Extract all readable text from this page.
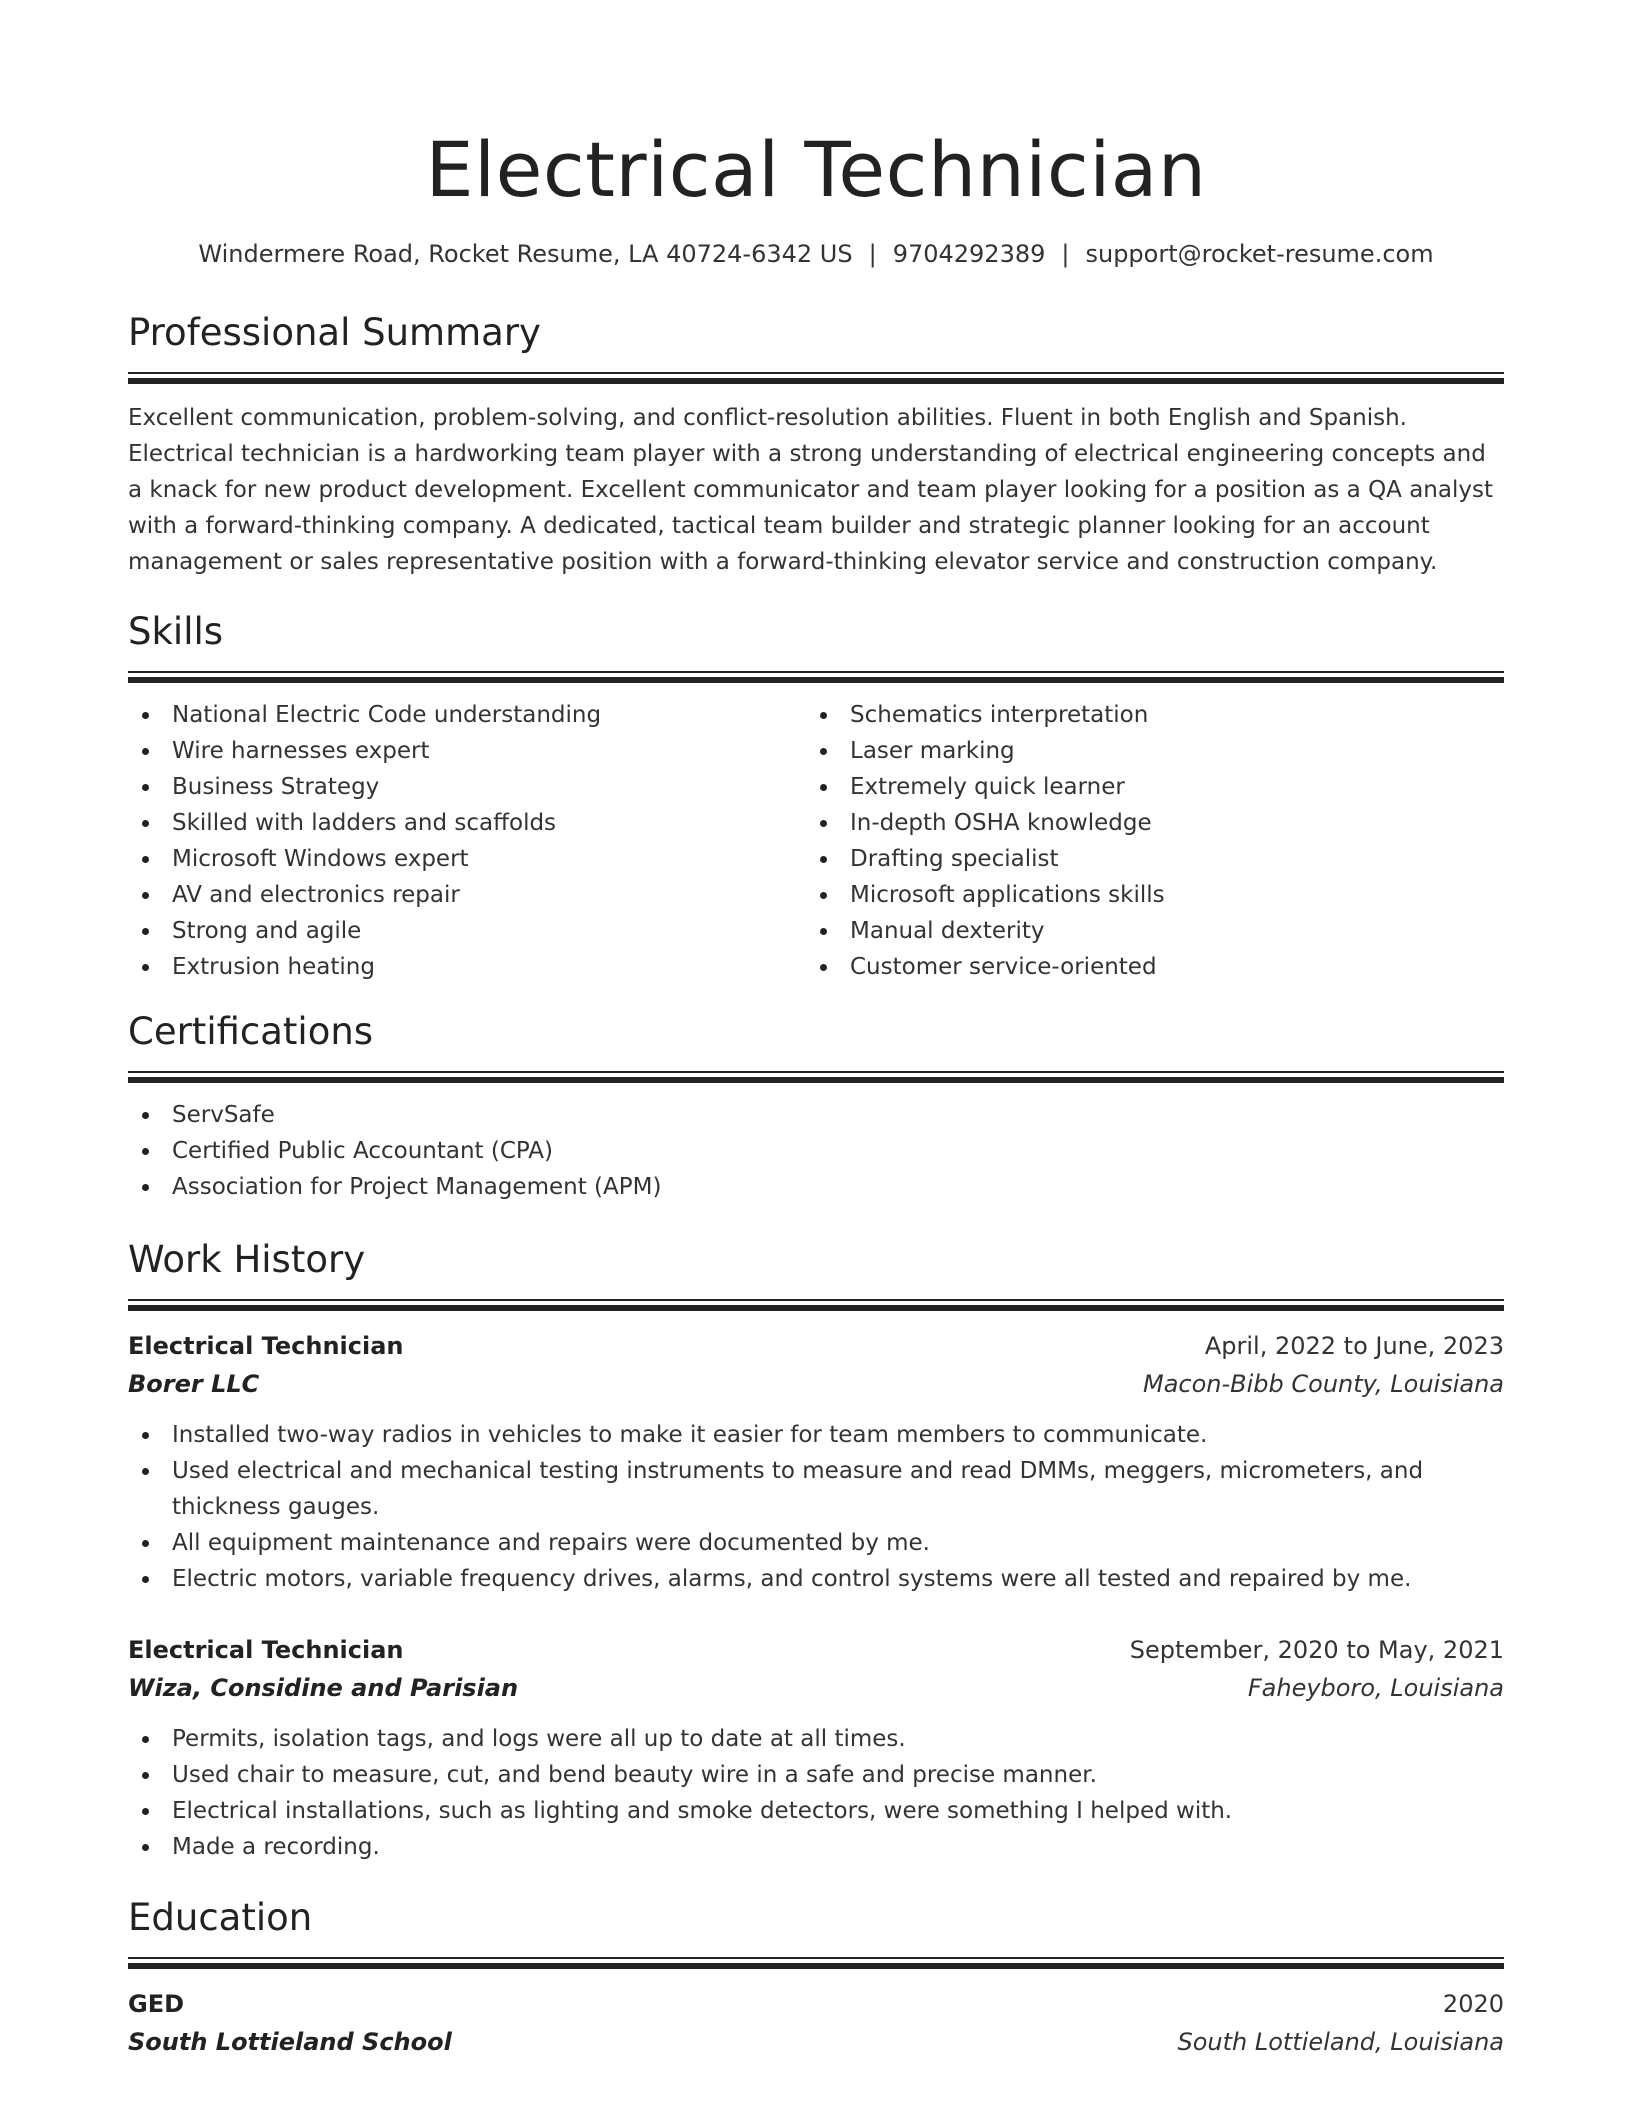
Electrical Technician
Windermere Road, Rocket Resume, LA 40724-6342 US | 9704292389 | support@rocket-resume.com
Professional Summary

Excellent communication, problem-solving, and conflict-resolution abilities. Fluent in both English and Spanish. Electrical technician is a hardworking team player with a strong understanding of electrical engineering concepts and a knack for new product development. Excellent communicator and team player looking for a position as a QA analyst with a forward-thinking company. A dedicated, tactical team builder and strategic planner looking for an account management or sales representative position with a forward-thinking elevator service and construction company.

Skills
National Electric Code understanding
Wire harnesses expert
Business Strategy
Skilled with ladders and scaffolds
Microsoft Windows expert
AV and electronics repair
Strong and agile
Extrusion heating
Schematics interpretation
Laser marking
Extremely quick learner
In-depth OSHA knowledge
Drafting specialist
Microsoft applications skills
Manual dexterity
Customer service-oriented
Certifications
ServSafe
Certified Public Accountant (CPA)
Association for Project Management (APM)
Work History
Electrical Technician	April, 2022 to June, 2023
Borer LLC	Macon-Bibb County, Louisiana
Installed two-way radios in vehicles to make it easier for team members to communicate.
Used electrical and mechanical testing instruments to measure and read DMMs, meggers, micrometers, and thickness gauges.
All equipment maintenance and repairs were documented by me.
Electric motors, variable frequency drives, alarms, and control systems were all tested and repaired by me.
Electrical Technician	September, 2020 to May, 2021
Wiza, Considine and Parisian	Faheyboro, Louisiana
Permits, isolation tags, and logs were all up to date at all times.
Used chair to measure, cut, and bend beauty wire in a safe and precise manner.
Electrical installations, such as lighting and smoke detectors, were something I helped with.
Made a recording.
Education
GED	2020
South Lottieland School	South Lottieland, Louisiana
